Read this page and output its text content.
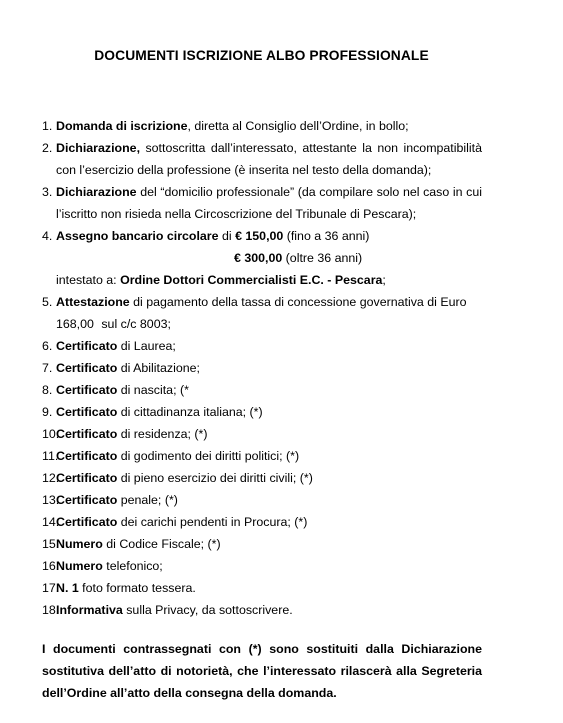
DOCUMENTI ISCRIZIONE ALBO PROFESSIONALE
1. Domanda di iscrizione, diretta al Consiglio dell’Ordine, in bollo;
2. Dichiarazione, sottoscritta dall’interessato, attestante la non incompatibilità con l’esercizio della professione (è inserita nel testo della domanda);
3. Dichiarazione del “domicilio professionale” (da compilare solo nel caso in cui l’iscritto non risieda nella Circoscrizione del Tribunale di Pescara);
4. Assegno bancario circolare di € 150,00 (fino a 36 anni)
€ 300,00 (oltre 36 anni)
intestato a: Ordine Dottori Commercialisti E.C. - Pescara;
5. Attestazione di pagamento della tassa di concessione governativa di Euro
168,00 sul c/c 8003;
6. Certificato di Laurea;
7. Certificato di Abilitazione;
8. Certificato di nascita; (*
9. Certificato di cittadinanza italiana; (*)
10.
Certificato di residenza; (*)
11.
Certificato di godimento dei diritti politici; (*)
12.
Certificato di pieno esercizio dei diritti civili; (*)
13.
Certificato penale; (*)
14.
Certificato dei carichi pendenti in Procura; (*)
15.
Numero di Codice Fiscale; (*)
16.
Numero telefonico;
17.
N. 1 foto formato tessera.
18.
Informativa sulla Privacy, da sottoscrivere.
I documenti contrassegnati con (*) sono sostituiti dalla Dichiarazione sostitutiva dell’atto di notorietà, che l’interessato rilascerà alla Segreteria dell’Ordine all’atto della consegna della domanda.
